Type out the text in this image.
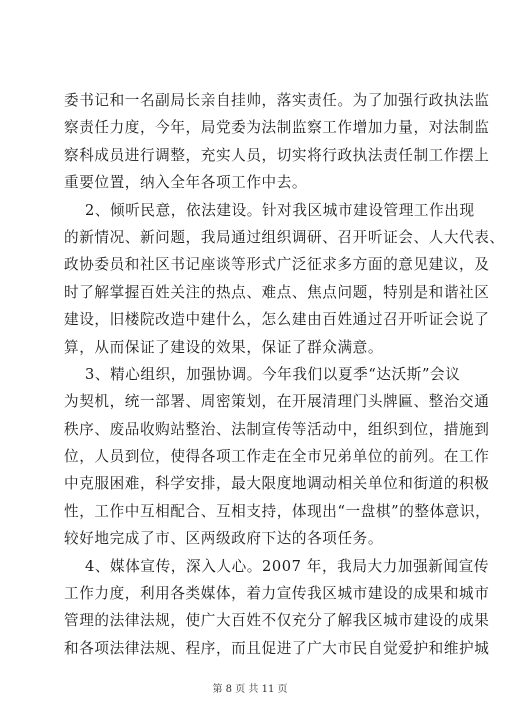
委书记和一名副局长亲自挂帅，落实责任。为了加强行政执法监
察责任力度，今年，局党委为法制监察工作增加力量，对法制监
察科成员进行调整，充实人员，切实将行政执法责任制工作摆上
重要位置，纳入全年各项工作中去。
2、倾听民意，依法建设。针对我区城市建设管理工作出现
的新情况、新问题，我局通过组织调研、召开听证会、人大代表、
政协委员和社区书记座谈等形式广泛征求多方面的意见建议，及
时了解掌握百姓关注的热点、难点、焦点问题，特别是和谐社区
建设，旧楼院改造中建什么，怎么建由百姓通过召开听证会说了
算，从而保证了建设的效果，保证了群众满意。
3、精心组织，加强协调。今年我们以夏季“达沃斯”会议
为契机，统一部署、周密策划，在开展清理门头牌匾、整治交通
秩序、废品收购站整治、法制宣传等活动中，组织到位，措施到
位，人员到位，使得各项工作走在全市兄弟单位的前列。在工作
中克服困难，科学安排，最大限度地调动相关单位和街道的积极
性，工作中互相配合、互相支持，体现出“一盘棋”的整体意识，
较好地完成了市、区两级政府下达的各项任务。
4、媒体宣传，深入人心。2007 年，我局大力加强新闻宣传
工作力度，利用各类媒体，着力宣传我区城市建设的成果和城市
管理的法律法规，使广大百姓不仅充分了解我区城市建设的成果
和各项法律法规、程序，而且促进了广大市民自觉爱护和维护城
第 8 页 共 11 页
